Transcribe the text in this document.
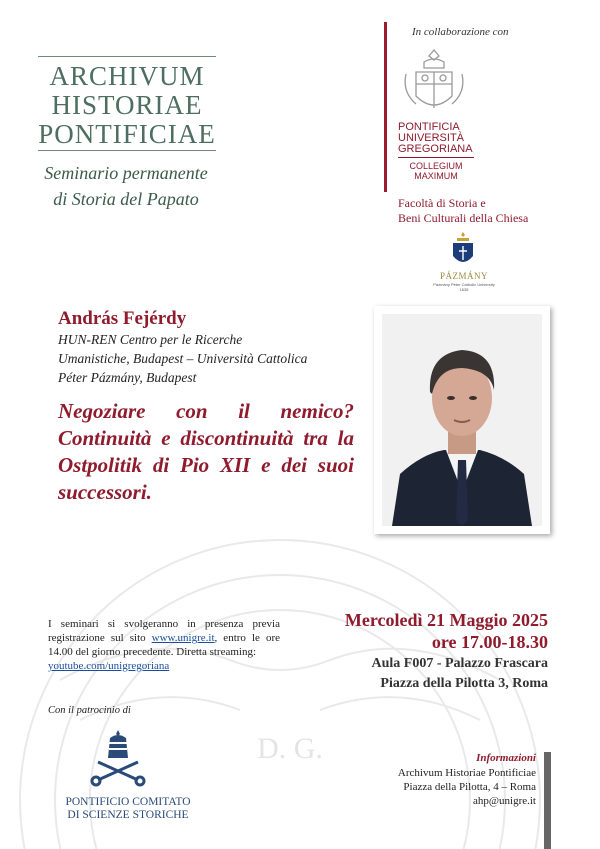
D. G.
ARCHIVUM
HISTORIAE
PONTIFICIAE
Seminario permanente
di Storia del Papato
In collaborazione con
PONTIFICIA
UNIVERSITÀ
GREGORIANA
COLLEGIUM
MAXIMUM
Facoltà di Storia e
Beni Culturali della Chiesa
PÁZMÁNY
Pázmány Péter Catholic University
1635
András Fejérdy
HUN-REN Centro per le Ricerche
Umanistiche, Budapest – Università Cattolica
Péter Pázmány, Budapest
Negoziare con il nemico? Continuità e discontinuità tra la Ostpolitik di Pio XII e dei suoi successori.
Mercoledì 21 Maggio 2025
ore 17.00-18.30
Aula F007 - Palazzo Frascara
Piazza della Pilotta 3, Roma
I seminari si svolgeranno in presenza previa registrazione sul sito www.unigre.it, entro le ore 14.00 del giorno precedente. Diretta streaming:
youtube.com/unigregoriana
Con il patrocinio di
PONTIFICIO COMITATO
DI SCIENZE STORICHE
Informazioni
Archivum Historiae Pontificiae
Piazza della Pilotta, 4 – Roma
ahp@unigre.it
